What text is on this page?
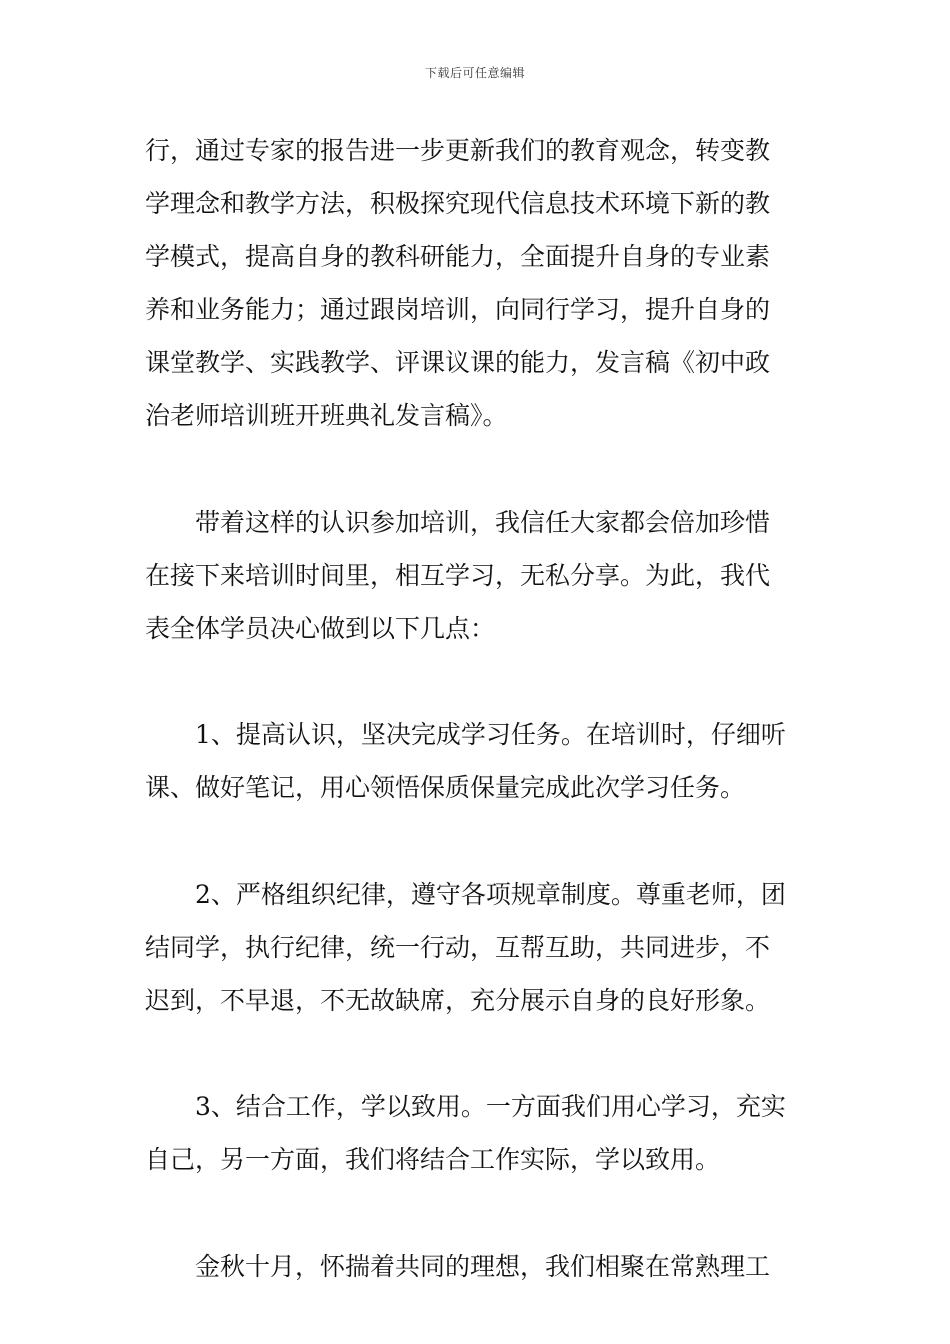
下载后可任意编辑
行，通过专家的报告进一步更新我们的教育观念，转变教
学理念和教学方法，积极探究现代信息技术环境下新的教
学模式，提高自身的教科研能力，全面提升自身的专业素
养和业务能力；通过跟岗培训，向同行学习，提升自身的
课堂教学、实践教学、评课议课的能力，发言稿《初中政
治老师培训班开班典礼发言稿》。
带着这样的认识参加培训，我信任大家都会倍加珍惜
在接下来培训时间里，相互学习，无私分享。为此，我代
表全体学员决心做到以下几点：
1、提高认识，坚决完成学习任务。在培训时，仔细听
课、做好笔记，用心领悟保质保量完成此次学习任务。
2、严格组织纪律，遵守各项规章制度。尊重老师，团
结同学，执行纪律，统一行动，互帮互助，共同进步，不
迟到，不早退，不无故缺席，充分展示自身的良好形象。
3、结合工作，学以致用。一方面我们用心学习，充实
自己，另一方面，我们将结合工作实际，学以致用。
金秋十月，怀揣着共同的理想，我们相聚在常熟理工
